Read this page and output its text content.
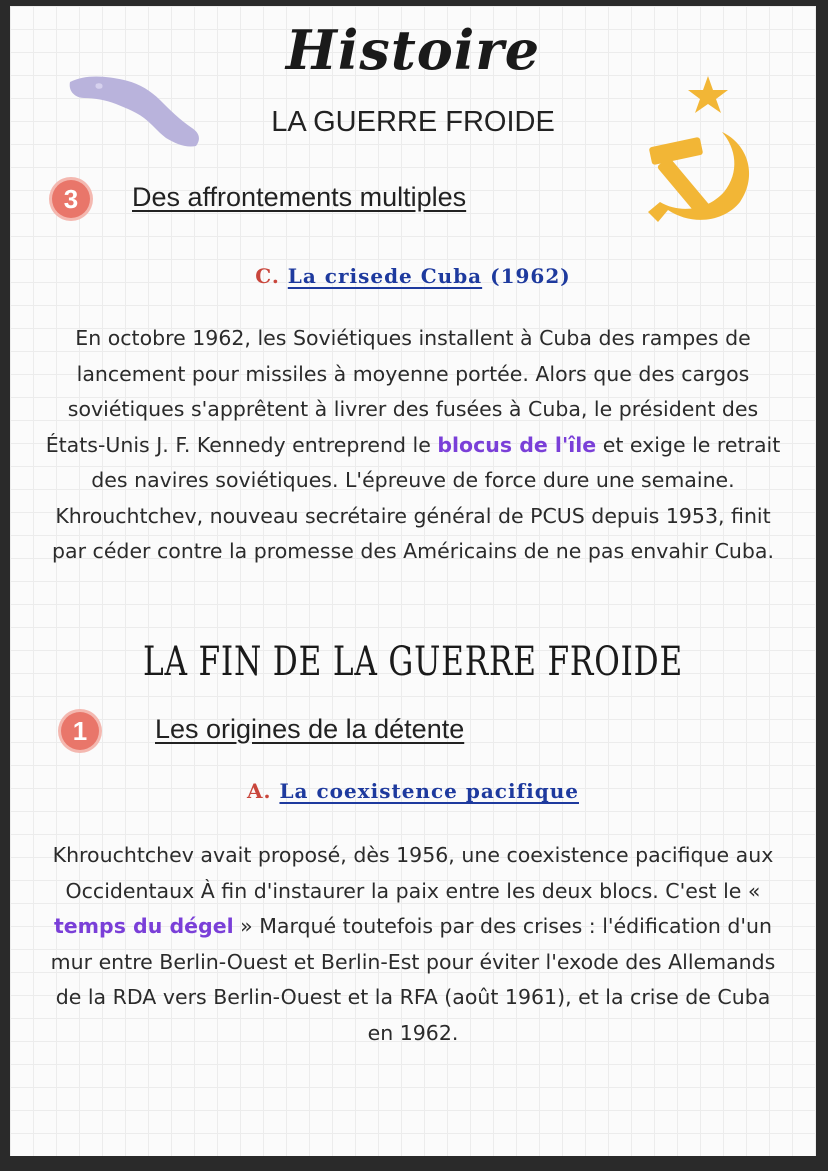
Histoire
LA GUERRE FROIDE
3	Des affrontements multiples
C. La crisede Cuba (1962)
En octobre 1962, les Soviétiques installent à Cuba des rampes de lancement pour missiles à moyenne portée. Alors que des cargos soviétiques s'apprêtent à livrer des fusées à Cuba, le président des États-Unis J. F. Kennedy entreprend le blocus de l'île et exige le retrait des navires soviétiques. L'épreuve de force dure une semaine. Khrouchtchev, nouveau secrétaire général de PCUS depuis 1953, finit par céder contre la promesse des Américains de ne pas envahir Cuba.
LA FIN DE LA GUERRE FROIDE
1	Les origines de la détente
A. La coexistence pacifique
Khrouchtchev avait proposé, dès 1956, une coexistence pacifique aux Occidentaux À fin d'instaurer la paix entre les deux blocs. C'est le « temps du dégel » Marqué toutefois par des crises : l'édification d'un mur entre Berlin-Ouest et Berlin-Est pour éviter l'exode des Allemands de la RDA vers Berlin-Ouest et la RFA (août 1961), et la crise de Cuba en 1962.
